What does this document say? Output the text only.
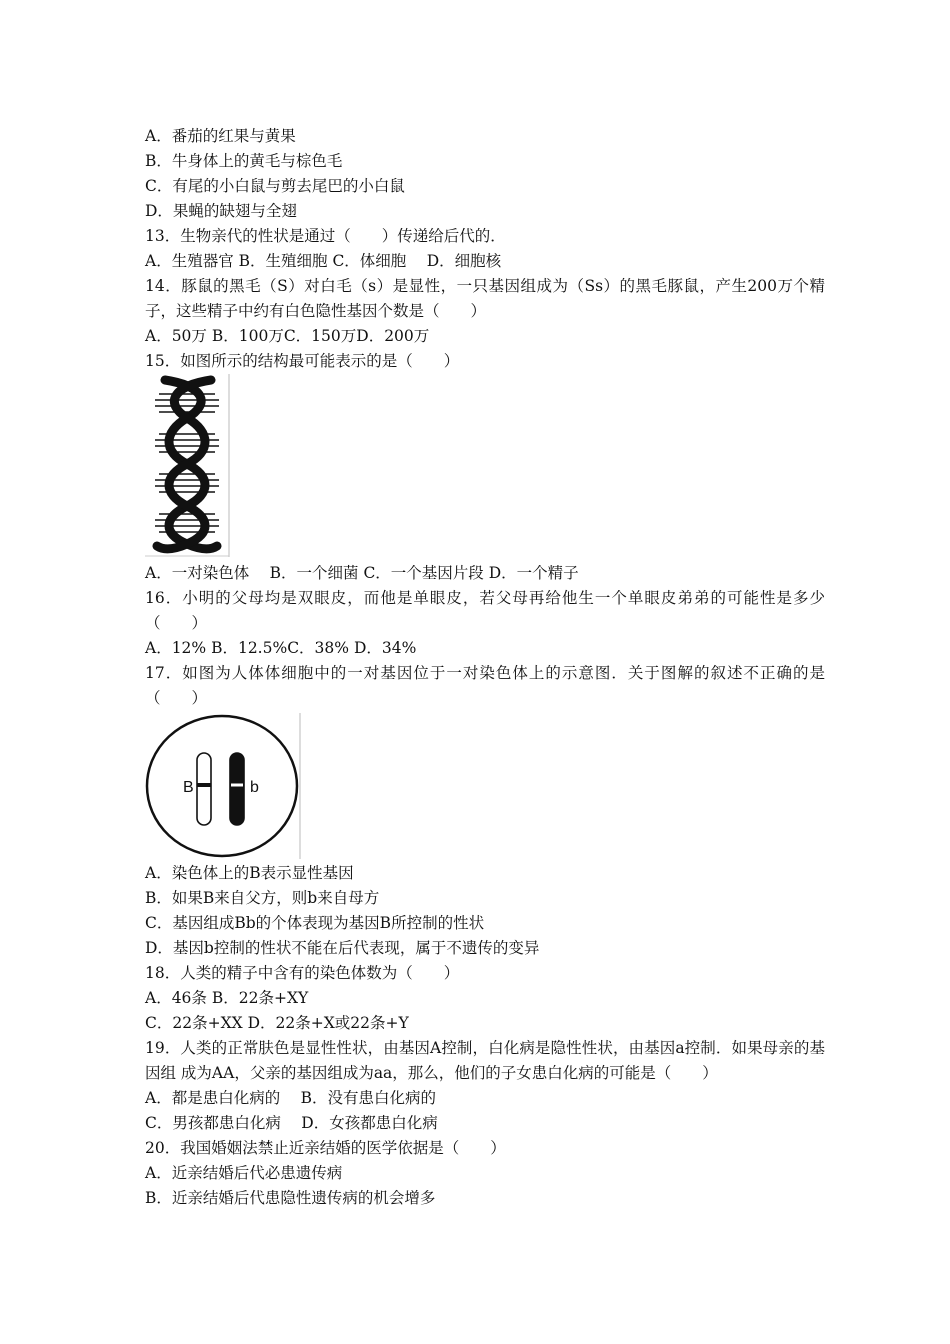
A．番茄的红果与黄果
B．牛身体上的黄毛与棕色毛
C．有尾的小白鼠与剪去尾巴的小白鼠
D．果蝇的缺翅与全翅
13．生物亲代的性状是通过（　　）传递给后代的．
A．生殖器官 B．生殖细胞 C．体细胞　 D．细胞核
14．豚鼠的黑毛（S）对白毛（s）是显性，一只基因组成为（Ss）的黑毛豚鼠，产生200万个精子，这些精子中约有白色隐性基因个数是（　　）
A．50万 B．100万C．150万D．200万
15．如图所示的结构最可能表示的是（　　）
A．一对染色体　 B．一个细菌 C．一个基因片段 D．一个精子
16．小明的父母均是双眼皮，而他是单眼皮，若父母再给他生一个单眼皮弟弟的可能性是多少（　　）
A．12% B．12.5%C．38% D．34%
17．如图为人体体细胞中的一对基因位于一对染色体上的示意图．关于图解的叙述不正确的是（　　）
B	b
A．染色体上的B表示显性基因
B．如果B来自父方，则b来自母方
C．基因组成Bb的个体表现为基因B所控制的性状
D．基因b控制的性状不能在后代表现，属于不遗传的变异
18．人类的精子中含有的染色体数为（　　）
A．46条 B．22条+XY
C．22条+XX D．22条+X或22条+Y
19．人类的正常肤色是显性性状，由基因A控制，白化病是隐性性状，由基因a控制．如果母亲的基因组 成为AA，父亲的基因组成为aa，那么，他们的子女患白化病的可能是（　　）
A．都是患白化病的　 B．没有患白化病的
C．男孩都患白化病　 D．女孩都患白化病
20．我国婚姻法禁止近亲结婚的医学依据是（　　）
A．近亲结婚后代必患遗传病
B．近亲结婚后代患隐性遗传病的机会增多
